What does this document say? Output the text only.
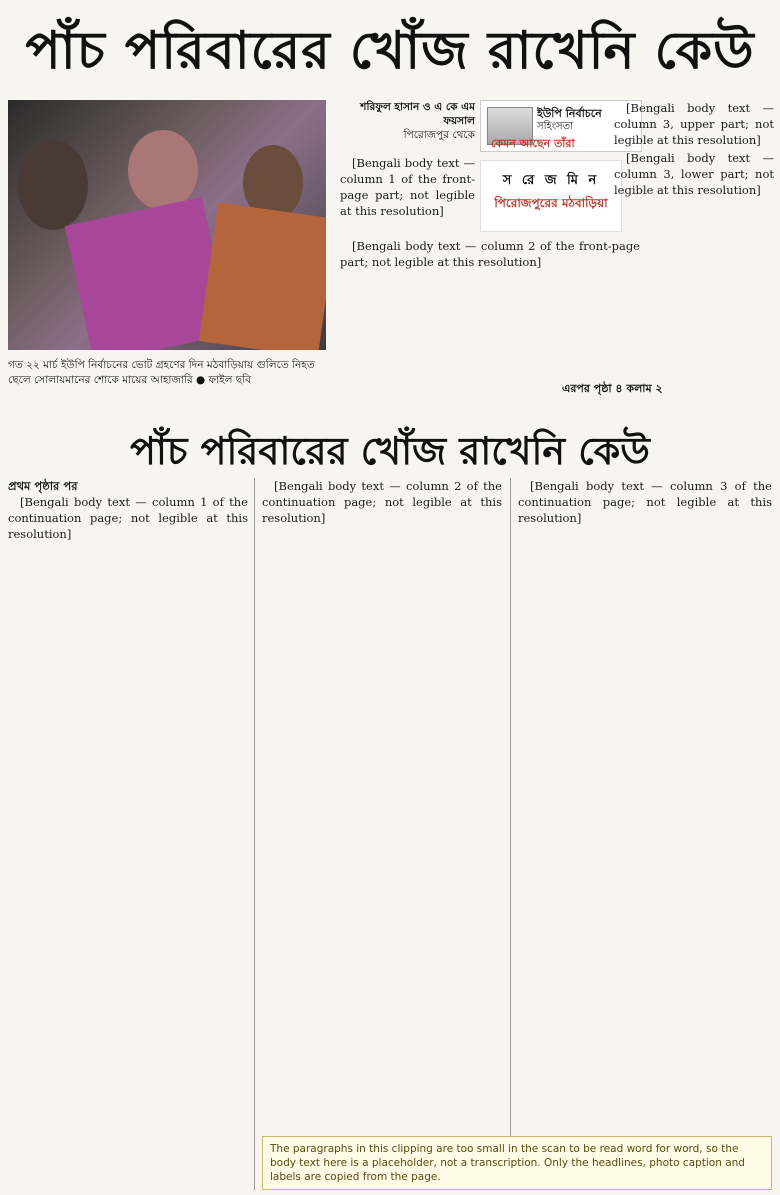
পাঁচ পরিবারের খোঁজ রাখেনি কেউ
গত ২২ মার্চ ইউপি নির্বাচনের ভোট গ্রহণের দিন মঠবাড়িয়ায় গুলিতে নিহত ছেলে সোলায়মানের শোকে মায়ের আহাজারি ● ফাইল ছবি
শরিফুল হাসান ও এ কে এম ফয়সাল
পিরোজপুর থেকে
ইউপি নির্বাচনে
সহিংসতা
কেমন আছেন তাঁরা
স রে জ মি ন
পিরোজপুরের মঠবাড়িয়া

[Bengali body text — column 1 of the front-page part; not legible at this resolution]

[Bengali body text — column 2 of the front-page part; not legible at this resolution]

[Bengali body text — column 3, upper part; not legible at this resolution]

[Bengali body text — column 3, lower part; not legible at this resolution]

এরপর পৃষ্ঠা ৪ কলাম ২
পাঁচ পরিবারের খোঁজ রাখেনি কেউ
প্রথম পৃষ্ঠার পর

[Bengali body text — column 1 of the continuation page; not legible at this resolution]

[Bengali body text — column 2 of the continuation page; not legible at this resolution]

[Bengali body text — column 3 of the continuation page; not legible at this resolution]

The paragraphs in this clipping are too small in the scan to be read word for word, so the body text here is a placeholder, not a transcription. Only the headlines, photo caption and labels are copied from the page.
